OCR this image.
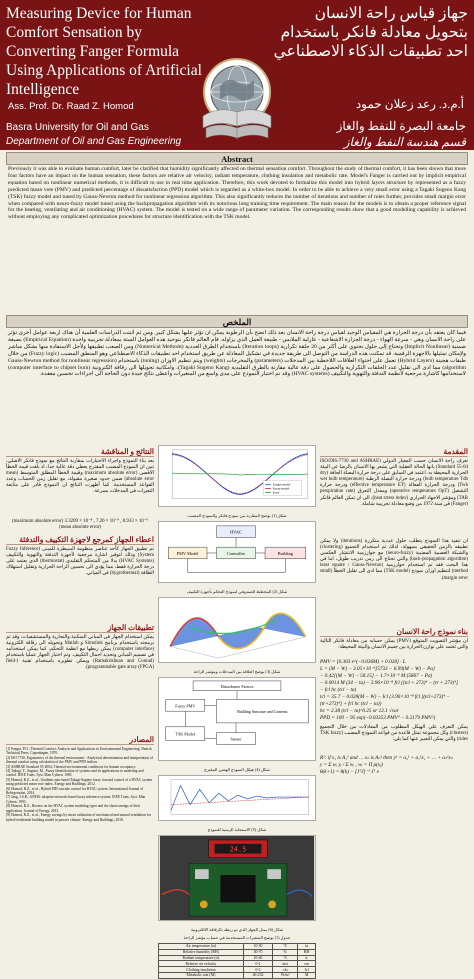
Measuring Device for Human Comfort Sensation by Converting Fanger Formula Using Applications of Artificial Intelligence
جهاز قياس راحة الانسان بتحويل معادلة فانكر باستخدام احد تطبيقات الذكاء الاصطناعي
Ass. Prof. Dr. Raad Z. Homod	أ.م.د. رعد زعلان حمود
Basra University for Oil and Gas
Department of Oil and Gas Engineering
جامعة البصرة للنفط والغاز
قسم هندسة النفط والغاز
Abstract
Previously it was able to evaluate human comfort, later be clarified that humidity significantly affected on thermal sensation comfort. Throughout the study of thermal comfort, it has been shown that more four factors have an impact on the human sensation, these factors are relative air velocity, radiant temperature, clothing insulation and metabolic rate. Model's Fanger is carried out by implicit empirical equation based on nonlinear numerical methods, it is difficult to use in real time application. Therefore, this work devoted to formalize this model into hybrid layers structure by represented as a fuzzy predicted mean vote (PMV) and predicted percentage of dissatisfaction (PPD) model which is regarded as a white-box model. In order to be able to achieve a very small error using a Tagaki Sugeno Kang (TSK) fuzzy model and tuned by Gauss-Newton method for nonlinear regression algorithm. This also significantly reduces the number of iterations and number of rules further, provides small margin error when compared with neuro-fuzzy model tuned using the backpropagation algorithm with its notorious long training time requirement. The main reason for the models is to obtain a proper reference signal for the heating, ventilating and air conditioning (HVAC) system. The model is tested on a wide range of parameter variation. The corresponding results show that a good modelling capability is achieved without employing any complicated optimization procedures for structure identification with the TSK model.
الملخص
فيما كان يعتقد بأن درجة الحرارة هي المقياس الوحيد لقياس درجة راحة الانسان بعد ذلك اتضح بأن الرطوبة يمكن ان تؤثر عليها بشكل كبير. ومن ثم اثبتت الدراسات العلمية أن هناك اربعة عوامل أخرى تؤثر على راحة الانسان وهي - سرعة الهواء - درجة الحرارة الاشعاعية - عازلية الملابس - طبيعة العمل الذي يزاوله. قام العالم فانكر بتوحيد هذه العوامل الستة بمعادلة تجريبية واحدة (Empirical Equation) بصيغة ضمنية (Implicit Nonlinear) وتحتاج إلى حلول تحتوي على أكثر من 20 حلقة تكرارية (Iteration loops) باستخدام الطرق العددية (Numerical Methods) ومن الصعب تطبيقها ولأجل الاستفادة منها بشكل مباشر ولإمكان تمثيلها بالاجهزة الرقمية. قد تمكنت هذه الدراسة من التوصل الى طريقة جديدة في تشكيل المعادلة عن طريق استخدام احد تطبيقات الذكاء الاصطناعي وهو المنطق المضبب (Fuzzy logic) من خلال طبقات هجينة (Hybrid Layers) تعمل على احتواء العلاقات اللاخطية بين المدخلات (parameters) والمخرجات (weights) ويتم تنظيم الاوزان (tuning) باستخدام (Gauss-Newton method for nonlinear regression algorithm) مما ادى الى تقليل عدد الحلقات التكرارية والحصول على دقة عالية مقارنة بالطرق التقليدية (Tagaki Sugeno Kang)، وامكانية تحويلها الى رقاقة الكترونية (computer interface to chipset burn) لاستخدامها كاشارة مرجعية لأنظمة التدفئة والتهوية والتكييف (HVAC systems) وقد تم اختبار النموذج على مدى واسع من المتغيرات واعطى نتائج جيدة دون الحاجة الى اجراءات تحسين معقدة.
النتائج و المناقشة
يعد بناء النموذج واجراء الاختبارات بمقارنة النتائج مع نموذج فانكر الاصلي، تبين ان النموذج المضبب المقترح يعطي دقة عالية جدا، اذ بلغت قيمة الخطأ الاقصى (maximum absolute error) وقيمة الخطأ المطلق المتوسط (mean absolute error) ضمن حدود صغيرة مقبولة، مع تقليل زمن الحساب وعدد القواعد المستخدمة. كما أظهرت النتائج ان النموذج قادر على متابعة التغيرات في المدخلات بسرعة.
(maximum absolute error) 3.3209 × 10⁻⁸ , 7.26 × 10⁻⁹ , 8.933 × 10⁻⁹ (mean absolute error)
اعطاء الجهاز كمرجع لاجهزة التكييف والتدفئة
تم تطبيق الجهاز كأحد عناصر منظومة السيطرة للمبنى (Fuzzy Inference System) وذلك لتوفير اشارة مرجعية لأجهزة التدفئة والتهوية والتكييف (HVAC Systems) بدلا من المتحكم التقليدي (thermostat) الذي يعتمد على درجة الحرارة فقط، مما يؤدي الى تحسين الراحة الحرارية وتقليل استهلاك الطاقة (hygrothermal) في المباني.
تطبيقات الجهاز
يمكن استخدام الجهاز في المباني السكنية والتجارية والمستشفيات، وقد تم برمجته باستخدام برنامج Simulink و Matlab وتحويله الى رقاقة الكترونية (computer interface) يمكن ربطها مع انظمة التحكم، كما يمكن استخدامه في تصميم المباني وتحديد احمال التكييف. وتم اختبار الجهاز عمليا باستخدام (Ramakrishnan and Conrad) ويمكن تطويره باستخدام تقنية (field-programmable gate array (FPGA)).
المصادر
[1] Fanger, P.O., Thermal Comfort: Analysis and Applications in Environmental Engineering. Danish Technical Press, Copenhagen, 1970.
[2] ISO 7730, Ergonomics of the thermal environment - Analytical determination and interpretation of thermal comfort using calculation of the PMV and PPD indices.
[3] ASHRAE Standard 55-2004, Thermal environmental conditions for human occupancy.
[4] Takagi, T., Sugeno, M., Fuzzy identification of systems and its applications to modeling and control. IEEE Trans. Syst. Man Cybern. 1985.
[5] Homod, R.Z., et al., Gradient auto-tuned Takagi-Sugeno fuzzy forward control of a HVAC system using predicted mean vote index. Energy and Buildings, 2012.
[6] Homod, R.Z., et al., Hybrid PID-cascade control for HVAC system. International Journal of Refrigeration, 2014.
[7] Jang, J.S.R., ANFIS: adaptive-network-based fuzzy inference system. IEEE Trans. Syst. Man Cybern. 1993.
[8] Homod, R.Z., Review on the HVAC system modeling types and the shortcomings of their application. Journal of Energy, 2013.
[9] Homod, R.Z., et al., Energy savings by smart utilization of mechanical and natural ventilation for hybrid residential building model in passive climate. Energy and Buildings, 2018.
Fanger model
Fuzzy model
Error
شكل (1) يوضح المقارنة بين نموذج فانكر والنموذج المضبب
HVAC
PMV Model	Controller	Building
شكل (2) المخطط الصندوقي لنموذج التحكم بأجهزة التكييف
شكل (3) يوضح العلاقة بين المدخلات ومؤشر الراحة
Disturbance Factors
Fuzzy PMV
Building Structure and Contents
TSK Model
Sensor
شكل (4) هيكل النموذج الهجين المقترح
شكل (5) الاستجابة الزمنية للنموذج
24.5
شكل (6) يمثل الجهاز الذي تم ربطه بالرقاقة الالكترونية
جدول (1) يوضح المتغيرات المستخدمة في حساب مؤشر الراحة
Air temperature (ta)	10-30	°C	ta
Relative humidity (RH)	30-70	%	RH
Radiant temperature (tr)	10-40	°C	tr
Relative air velocity	0-1	m/s	var
Clothing insulation	0-2	clo	Icl
Metabolic rate (M)	46-232	W/m²	M
المقدمة
تعرف راحة الانسان حسب المعيار الدولي (ISO/DIS-7730 and ASHRAE Standard 55-04) بانها الحالة العقلية التي يشعر بها الانسان بالرضا عن البيئة الحرارية المحيطة به. اعتمد في السابق على درجة حرارة البصلة الجافة (dry bulb temperature Tdb) ودرجة حرارة البصلة الرطبة (wet bulb temperature Twb) ودرجة الحرارة الفعالة (effective temperature ET) ودرجة حرارة التشغيل (operative temperature OpT) ومعدل التعرق (perspiration rate TAR) ومؤشر الاجهاد الحراري (heat stress index)، الى ان تمكن العالم فانكر (Fanger) في سنة 1972 من وضع معادلة تجريبية شاملة.
ان تنفيذ هذا النموذج يتطلب حلول عددية متكررة (iterations) ولا يمكن تطبيقه بالزمن الحقيقي بسهولة، لذلك تم استخدام التجميع (clustering) والشبكة العصبية المضببة (neuro-fuzzy) مع خوارزمية الانتشار العكسي (back-propagation algorithm) والتي تحتاج الى زمن تدريب طويل، اما في هذا البحث فقد تم استخدام خوارزمية (least square / Gauss-Newton method) لتنظيم اوزان نموذج (TSK model) مما ادى الى تقليل الخطأ (small margin error).
بناء نموذج راحة الانسان
ان مؤشر التصويت المتوقع (PMV) يمكن حسابه من معادلة فانكر التالية والتي تعتمد على توازن الحرارة بين جسم الانسان والبيئة المحيطة:
PMV = [0.303 e^(−0.036M) + 0.028] · L
L = (M − W) − 3.05×10⁻³[5733 − 6.99(M − W) − Pa]
− 0.42[(M − W) − 58.15] − 1.7×10⁻⁵ M (5867 − Pa)
− 0.0014 M (34 − ta) − 3.96×10⁻⁸ fcl [(tcl + 273)⁴ − (tr + 273)⁴]
− fcl hc (tcl − ta)
tcl = 35.7 − 0.028(M − W) − Icl {3.96×10⁻⁸ fcl [(tcl+273)⁴ − (tr+273)⁴] + fcl hc (tcl − ta)}
hc = 2.38 (tcl − ta)^0.25 or 12.1 √var
PPD = 100 − 95 exp(−0.03353 PMV⁴ − 0.2179 PMV²)
يمكن التعرف على الهيكل المطلوب من المعادلات من خلال التجميع (clusters) وكل مجموعة تمثل قاعدة من قواعد النموذج المضبب (TSK fuzzy rules) والتي يمكن التعبير عنها كما يلي:
R¹: if x₁ is A₁¹ and … xₙ is Aₙ¹ then y¹ = a₀¹ + a₁¹x₁ + … + aₙ¹xₙ
y = Σ wᵢ yᵢ / Σ wᵢ , wᵢ = Π μ(xⱼ)
θ(k+1) = θ(k) − [JᵀJ]⁻¹ Jᵀ e
